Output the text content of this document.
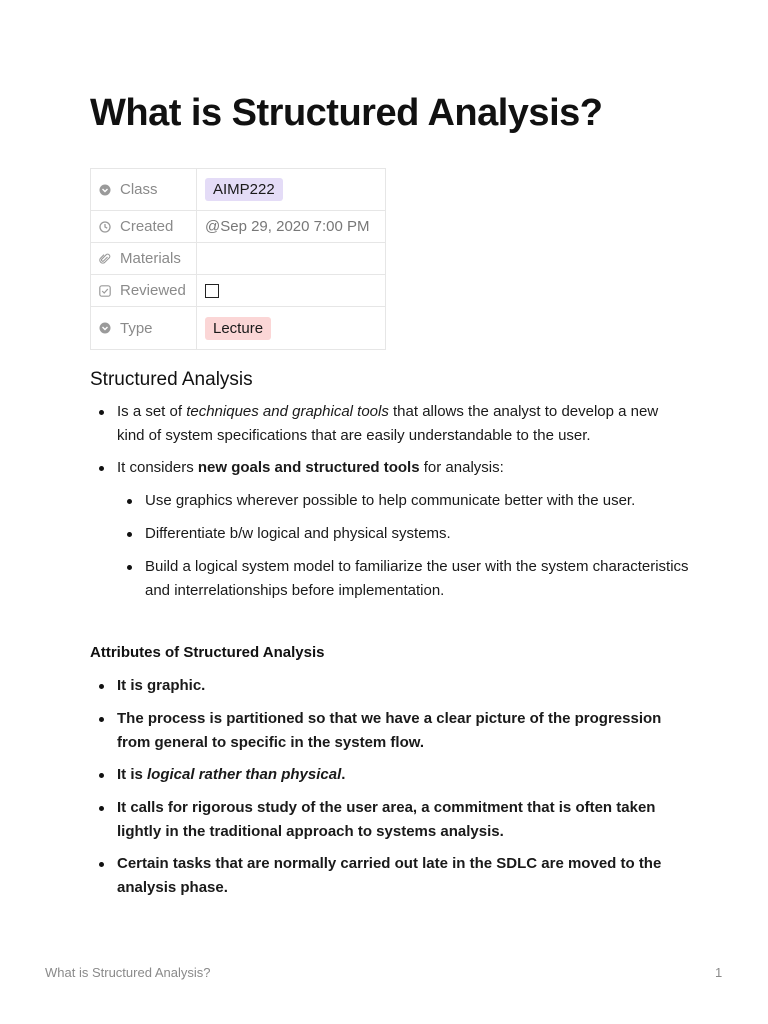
What is Structured Analysis?
Class	AIMP222

Created	@Sep 29, 2020 7:00 PM

Materials	

Reviewed	

Type	Lecture
Structured Analysis
Is a set of techniques and graphical tools that allows the analyst to develop a new kind of system specifications that are easily understandable to the user.
It considers new goals and structured tools for analysis:
Use graphics wherever possible to help communicate better with the user.
Differentiate b/w logical and physical systems.
Build a logical system model to familiarize the user with the system characteristics and interrelationships before implementation.
Attributes of Structured Analysis
It is graphic.
The process is partitioned so that we have a clear picture of the progression from general to specific in the system flow.
It is logical rather than physical.
It calls for rigorous study of the user area, a commitment that is often taken lightly in the traditional approach to systems analysis.
Certain tasks that are normally carried out late in the SDLC are moved to the analysis phase.
What is Structured Analysis?	1
